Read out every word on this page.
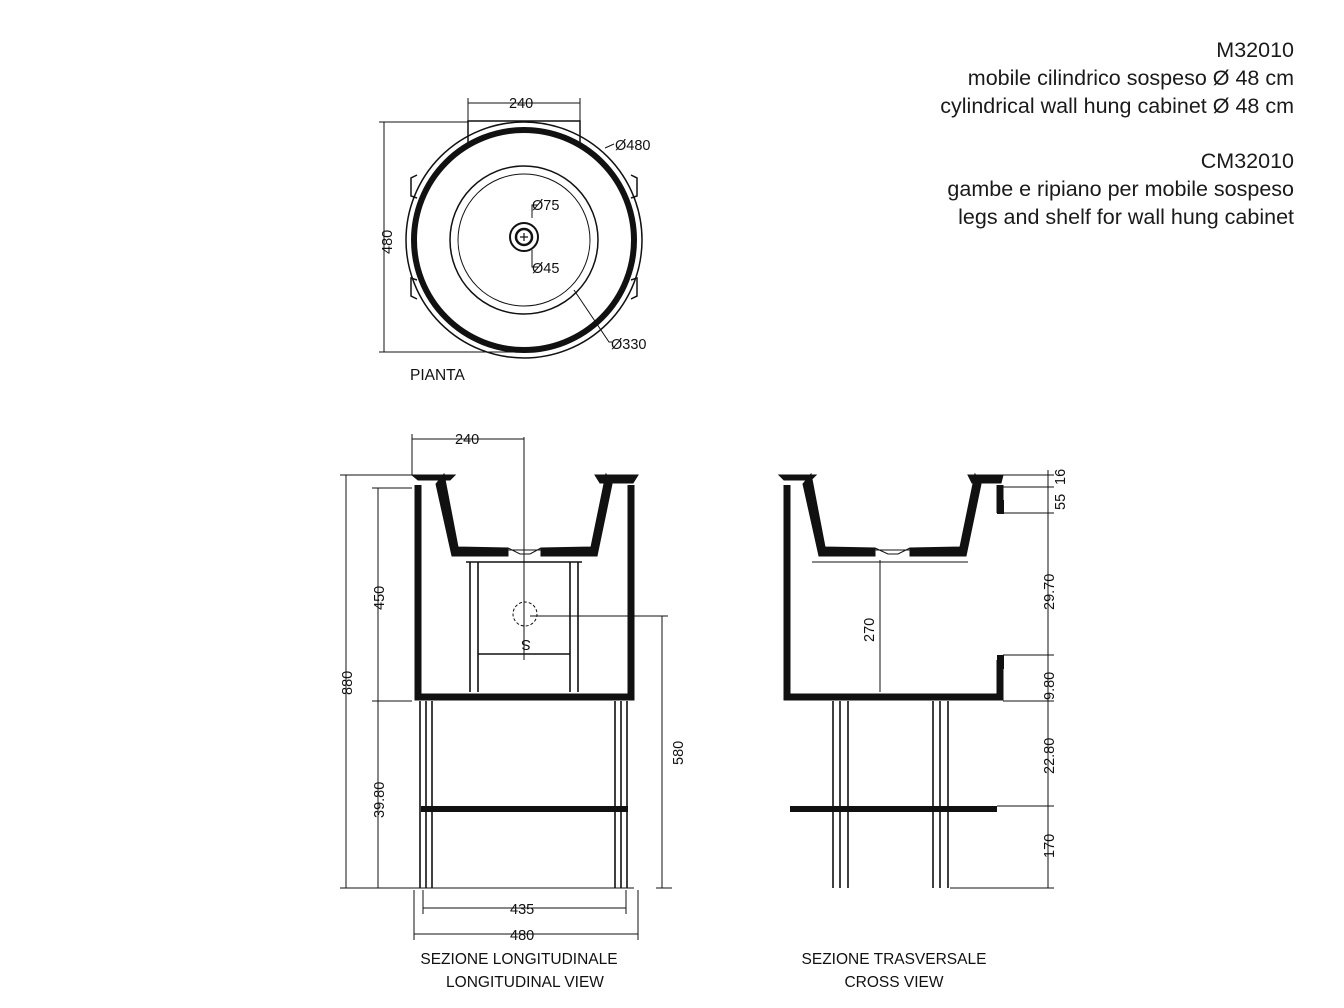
M32010
mobile cilindrico sospeso Ø 48 cm
cylindrical wall hung cabinet Ø 48 cm
CM32010
gambe e ripiano per mobile sospeso
legs and shelf for wall hung cabinet
240
Ø480
Ø75
Ø45
Ø330
480
PIANTA
S
240
880
450
39.80
580
435
480
SEZIONE LONGITUDINALE
LONGITUDINAL VIEW
270
16
55
29.70
9.80
22.80
170
SEZIONE TRASVERSALE
CROSS VIEW
